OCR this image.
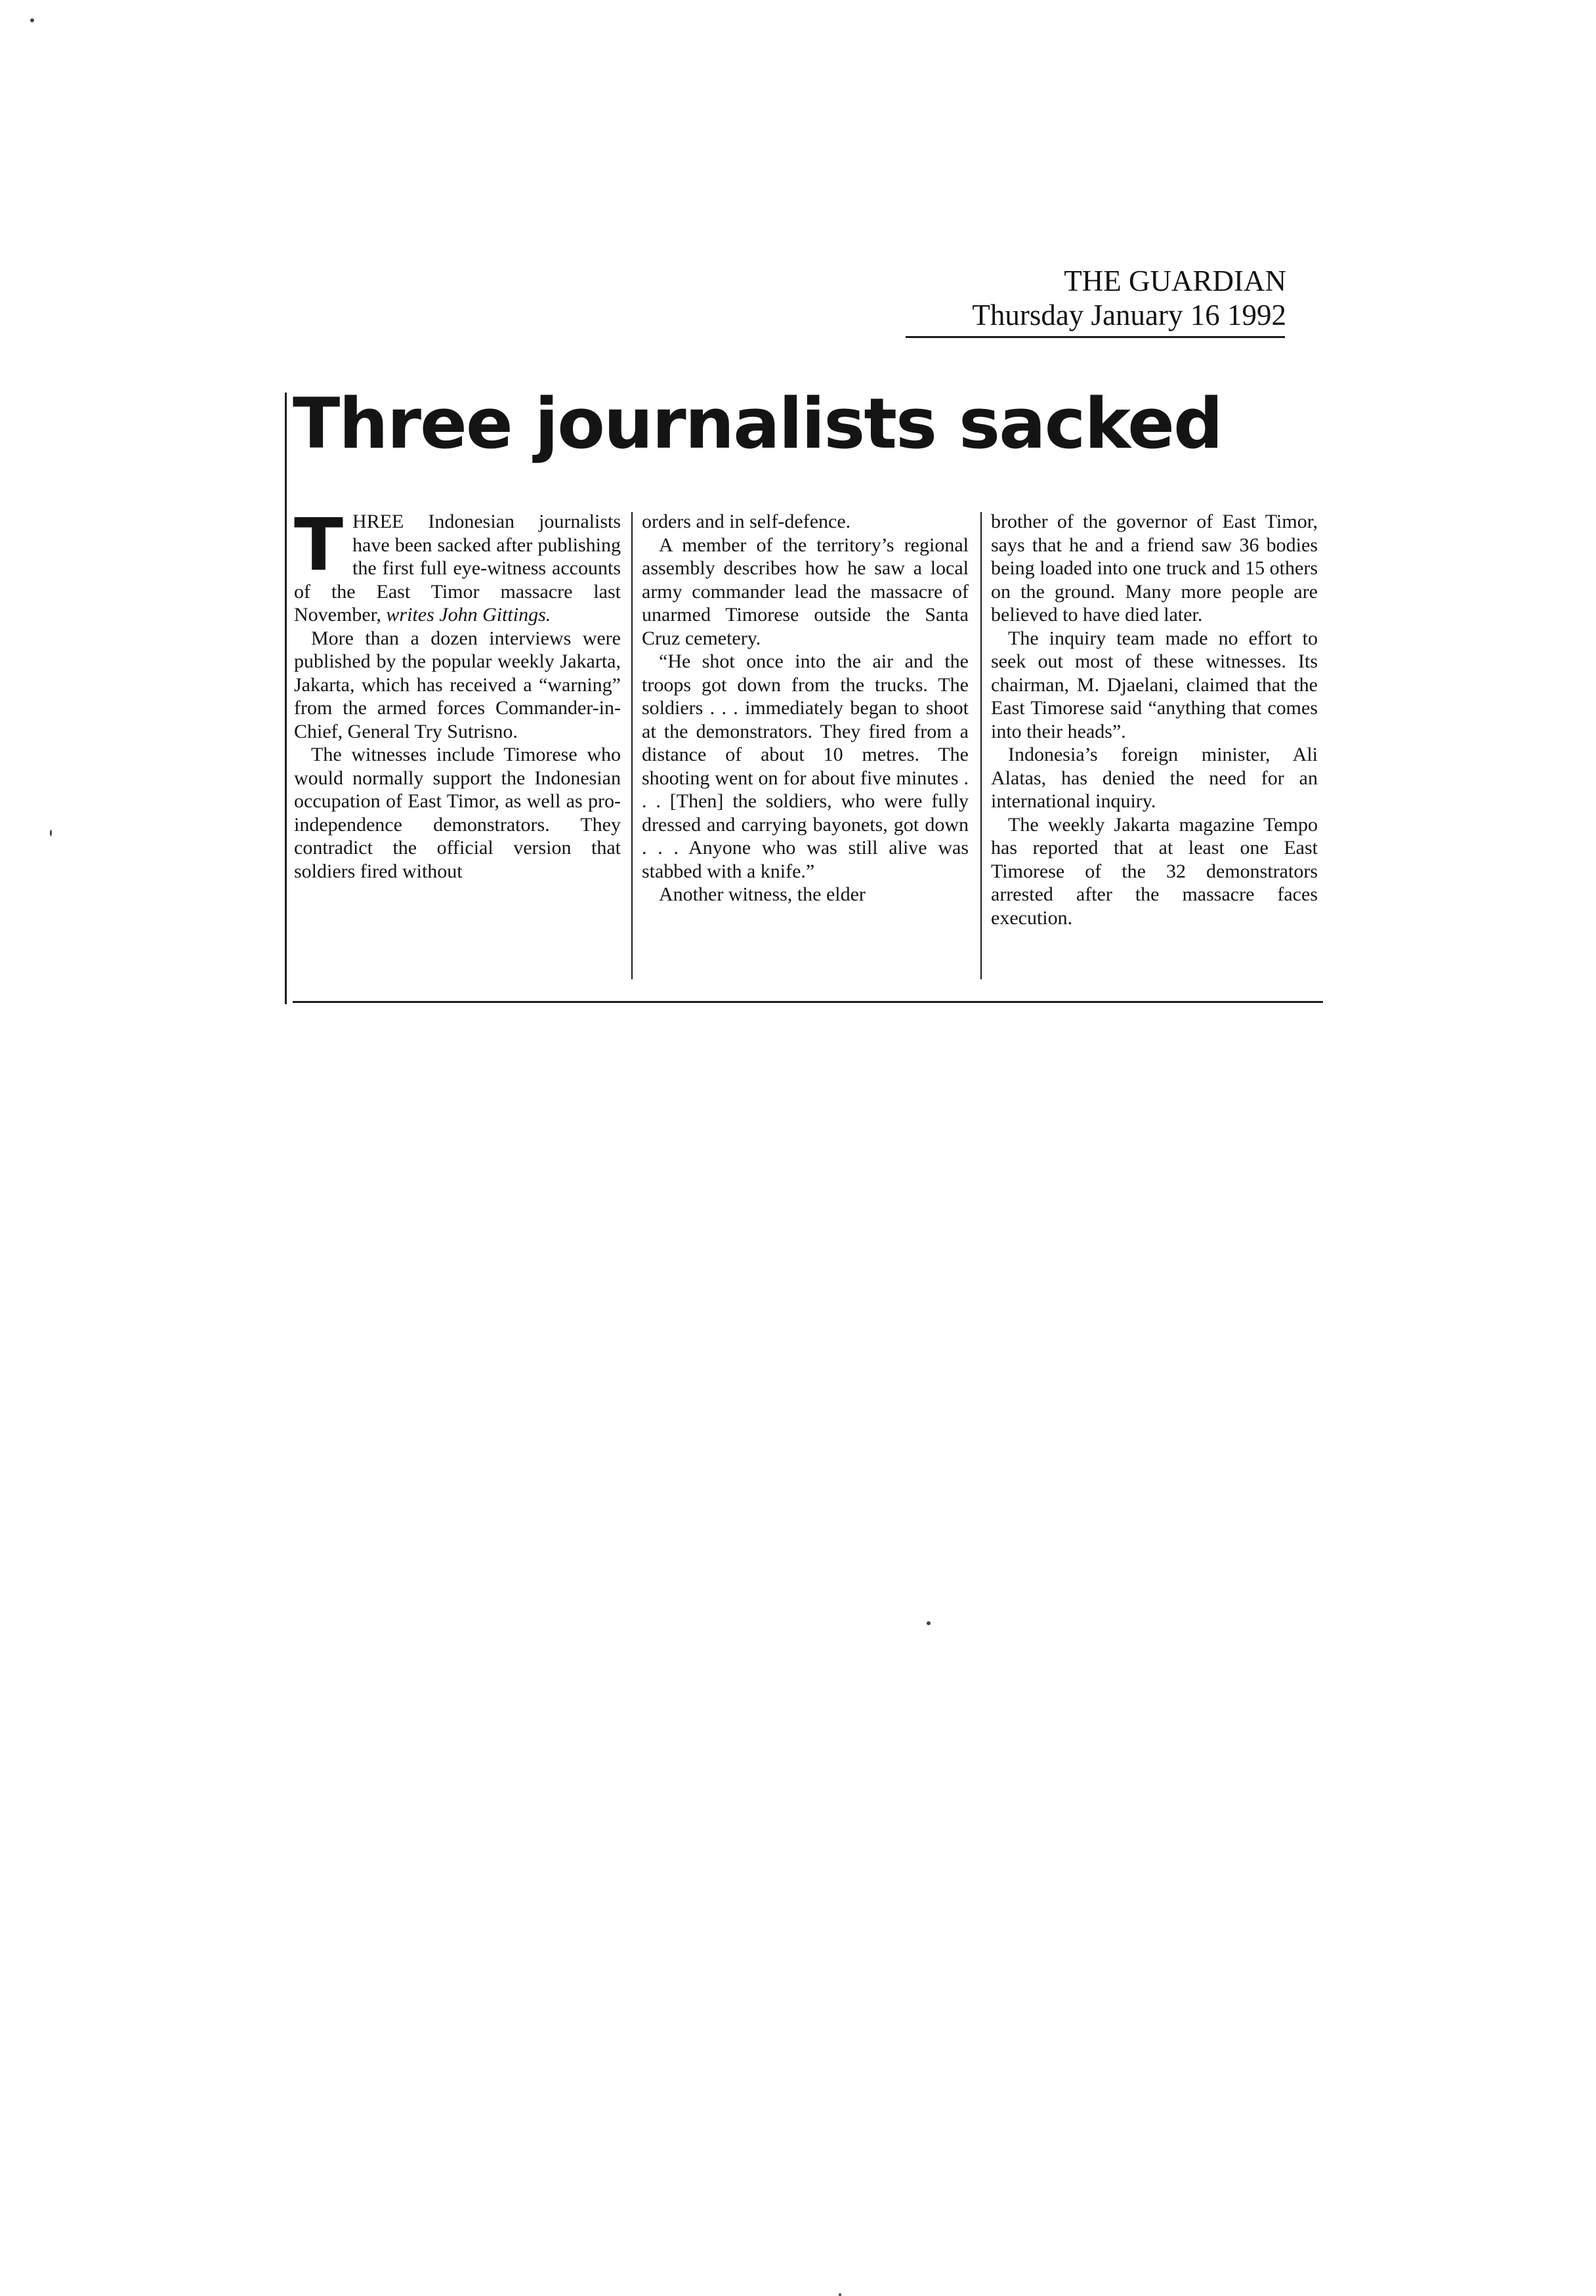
THE GUARDIAN
Thursday January 16 1992
Three journalists sacked

THREE Indonesian journalists have been sacked after publishing the first full eye-witness accounts of the East Timor massacre last November, writes John Gittings.

More than a dozen interviews were published by the popular weekly Jakarta, Jakarta, which has received a “warning” from the armed forces Commander-in-Chief, General Try Sutrisno.

The witnesses include Timorese who would normally support the Indonesian occupation of East Timor, as well as pro-independence demonstrators. They contradict the official version that soldiers fired without

orders and in self-defence.

A member of the territory’s regional assembly describes how he saw a local army commander lead the massacre of unarmed Timorese outside the Santa Cruz cemetery.

“He shot once into the air and the troops got down from the trucks. The soldiers . . . immediately began to shoot at the demonstrators. They fired from a distance of about 10 metres. The shooting went on for about five minutes . . . [Then] the soldiers, who were fully dressed and carrying bayonets, got down . . . Anyone who was still alive was stabbed with a knife.”

Another witness, the elder

brother of the governor of East Timor, says that he and a friend saw 36 bodies being loaded into one truck and 15 others on the ground. Many more people are believed to have died later.

The inquiry team made no effort to seek out most of these witnesses. Its chairman, M. Djaelani, claimed that the East Timorese said “anything that comes into their heads”.

Indonesia’s foreign minister, Ali Alatas, has denied the need for an international inquiry.

The weekly Jakarta magazine Tempo has reported that at least one East Timorese of the 32 demonstrators arrested after the massacre faces execution.
